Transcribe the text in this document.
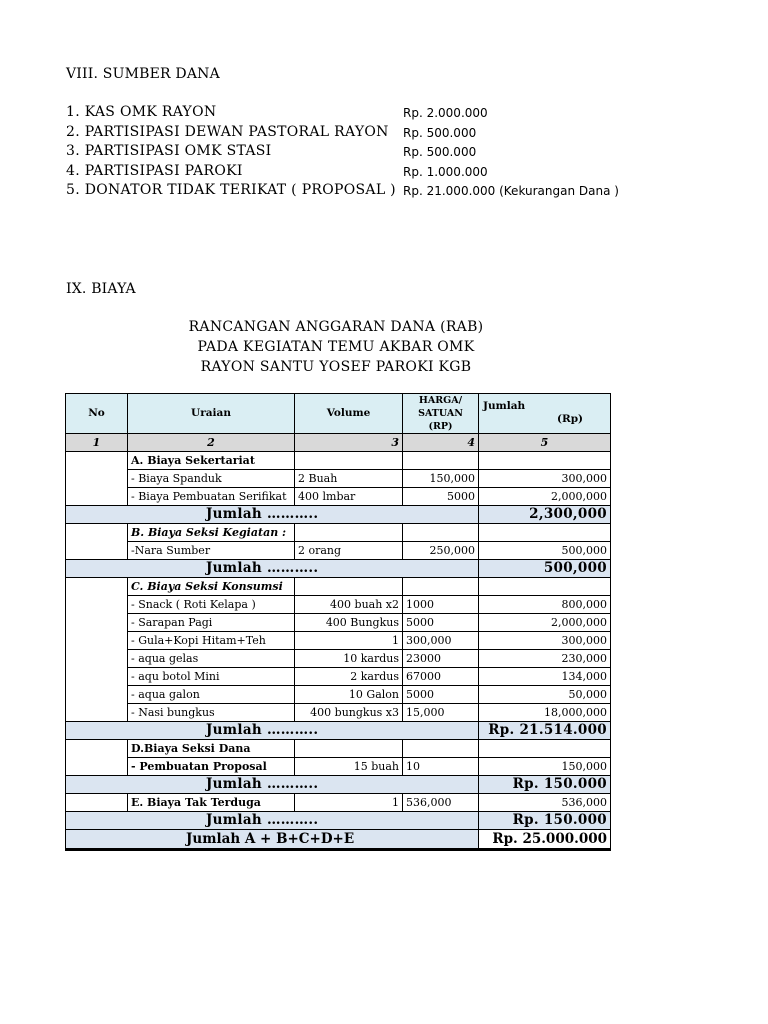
VIII. SUMBER DANA
1. KAS OMK RAYON	Rp. 2.000.000
2. PARTISIPASI DEWAN PASTORAL RAYON Rp. 500.000
3. PARTISIPASI OMK STASI	Rp. 500.000
4. PARTISIPASI PAROKI	Rp. 1.000.000
5. DONATOR TIDAK TERIKAT ( PROPOSAL ) Rp. 21.000.000 (Kekurangan Dana )
IX. BIAYA
RANCANGAN ANGGARAN DANA (RAB)
PADA KEGIATAN TEMU AKBAR OMK
RAYON SANTU YOSEF PAROKI KGB
No	Uraian	Volume	HARGA/ SATUAN (RP)	Jumlah
(Rp)

1	2	3	4	5
	A. Biaya Sekertariat			
	- Biaya Spanduk	2 Buah	150,000	300,000
	- Biaya Pembuatan Serifikat	400 lmbar	5000	2,000,000
Jumlah ………..				2,300,000
	B. Biaya Seksi Kegiatan :			
	-Nara Sumber	2 orang	250,000	500,000
Jumlah ………..				500,000
	C. Biaya Seksi Konsumsi			
	- Snack ( Roti Kelapa )	400 buah x2	1000	800,000
	- Sarapan Pagi	400 Bungkus	5000	2,000,000
	- Gula+Kopi Hitam+Teh	1	300,000	300,000
	- aqua gelas	10 kardus	23000	230,000
	- aqu botol Mini	2 kardus	67000	134,000
	- aqua galon	10 Galon	5000	50,000
	- Nasi bungkus	400 bungkus x3	15,000	18,000,000
Jumlah ………..				Rp. 21.514.000
	D.Biaya Seksi Dana			
	- Pembuatan Proposal	15 buah	10	150,000
Jumlah ………..				Rp. 150.000
	E. Biaya Tak Terduga	1	536,000	536,000
Jumlah ………..				Rp. 150.000
Jumlah A + B+C+D+E				Rp. 25.000.000
